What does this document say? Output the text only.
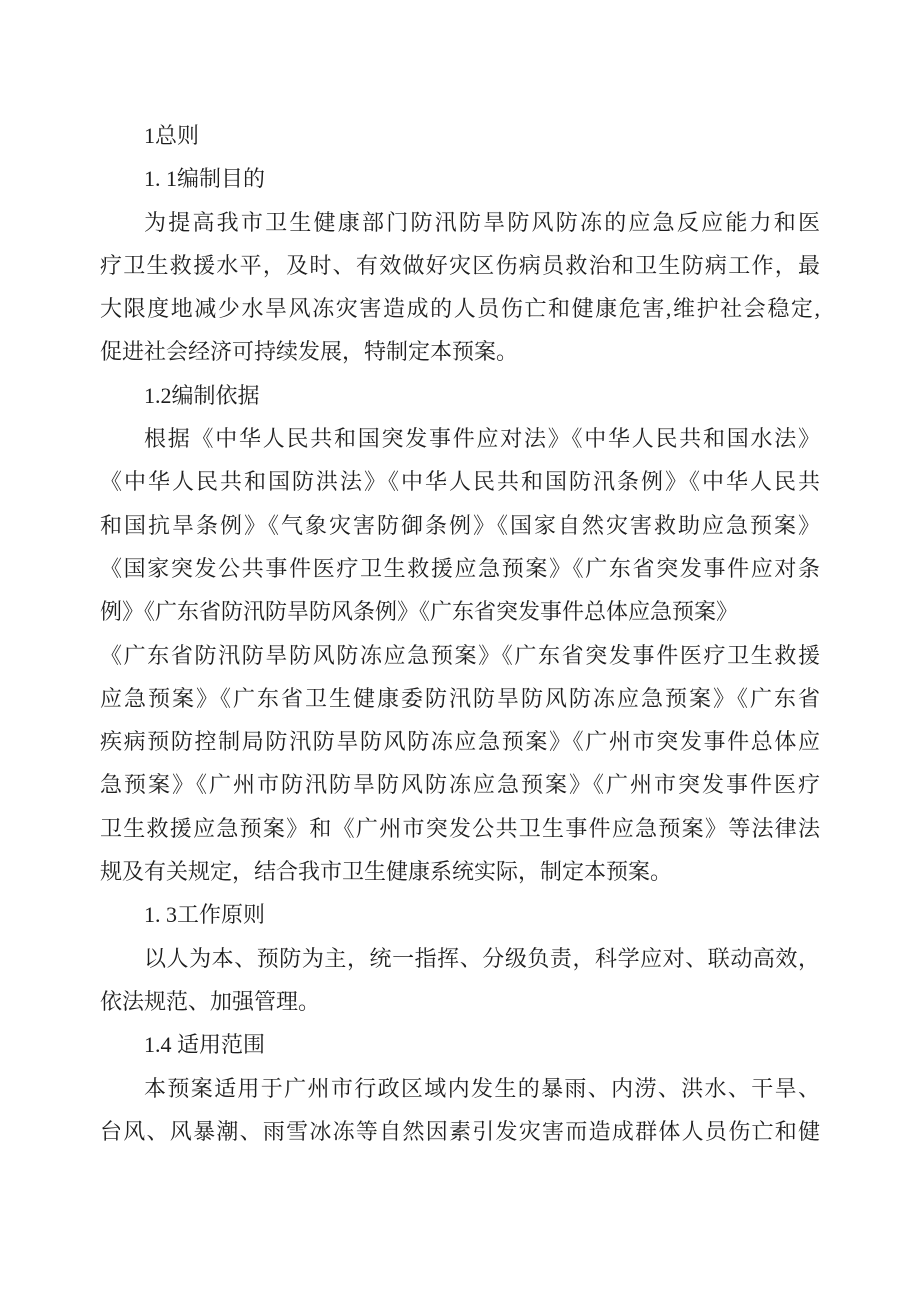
1总则
1. 1编制目的
为提高我市卫生健康部门防汛防旱防风防冻的应急反应能力和医
疗卫生救援水平，及时、有效做好灾区伤病员救治和卫生防病工作，最
大限度地减少水旱风冻灾害造成的人员伤亡和健康危害,维护社会稳定,
促进社会经济可持续发展，特制定本预案。
1.2编制依据
根据《中华人民共和国突发事件应对法》《中华人民共和国水法》
《中华人民共和国防洪法》《中华人民共和国防汛条例》《中华人民共
和国抗旱条例》《气象灾害防御条例》《国家自然灾害救助应急预案》
《国家突发公共事件医疗卫生救援应急预案》《广东省突发事件应对条
例》《广东省防汛防旱防风条例》《广东省突发事件总体应急预案》
《广东省防汛防旱防风防冻应急预案》《广东省突发事件医疗卫生救援
应急预案》《广东省卫生健康委防汛防旱防风防冻应急预案》《广东省
疾病预防控制局防汛防旱防风防冻应急预案》《广州市突发事件总体应
急预案》《广州市防汛防旱防风防冻应急预案》《广州市突发事件医疗
卫生救援应急预案》和《广州市突发公共卫生事件应急预案》等法律法
规及有关规定，结合我市卫生健康系统实际，制定本预案。
1. 3工作原则
以人为本、预防为主，统一指挥、分级负责，科学应对、联动高效，
依法规范、加强管理。
1.4 适用范围
本预案适用于广州市行政区域内发生的暴雨、内涝、洪水、干旱、
台风、风暴潮、雨雪冰冻等自然因素引发灾害而造成群体人员伤亡和健
